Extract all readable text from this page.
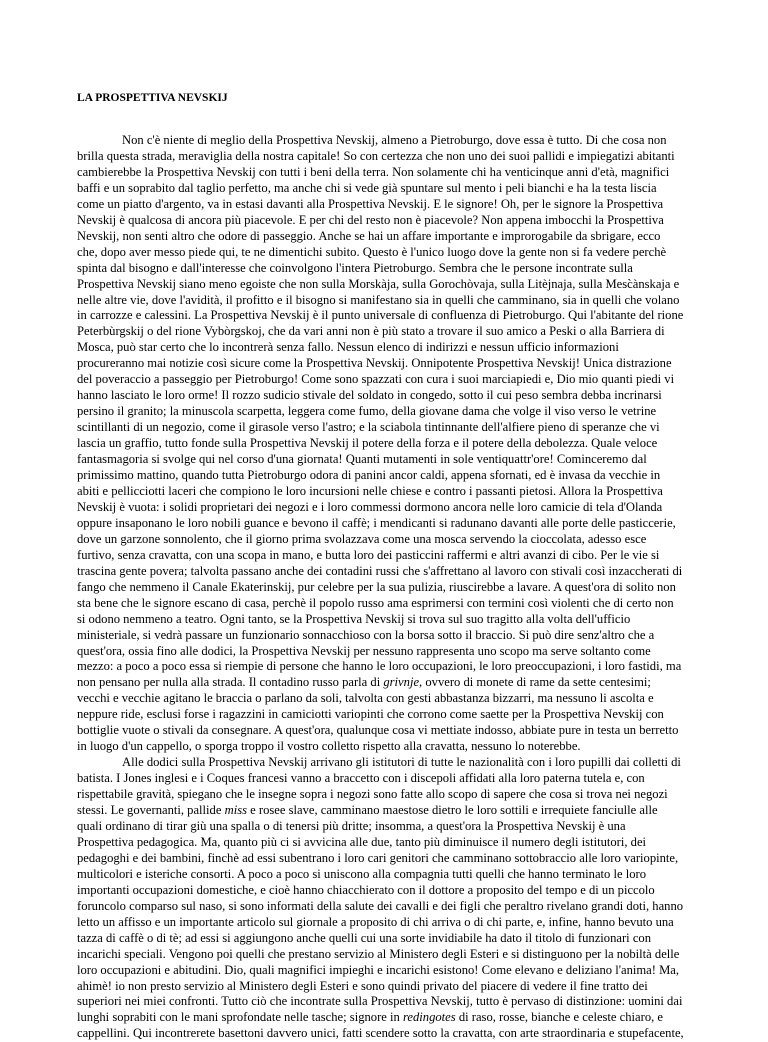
LA PROSPETTIVA NEVSKIJ
Non c'è niente di meglio della Prospettiva Nevskij, almeno a Pietroburgo, dove essa è tutto. Di che cosa non
brilla questa strada, meraviglia della nostra capitale! So con certezza che non uno dei suoi pallidi e impiegatizi abitanti
cambierebbe la Prospettiva Nevskij con tutti i beni della terra. Non solamente chi ha venticinque anni d'età, magnifici
baffi e un soprabito dal taglio perfetto, ma anche chi si vede già spuntare sul mento i peli bianchi e ha la testa liscia
come un piatto d'argento, va in estasi davanti alla Prospettiva Nevskij. E le signore! Oh, per le signore la Prospettiva
Nevskij è qualcosa di ancora più piacevole. E per chi del resto non è piacevole? Non appena imbocchi la Prospettiva
Nevskij, non senti altro che odore di passeggio. Anche se hai un affare importante e improrogabile da sbrigare, ecco
che, dopo aver messo piede qui, te ne dimentichi subito. Questo è l'unico luogo dove la gente non si fa vedere perchè
spinta dal bisogno e dall'interesse che coinvolgono l'intera Pietroburgo. Sembra che le persone incontrate sulla
Prospettiva Nevskij siano meno egoiste che non sulla Morskàja, sulla Gorochòvaja, sulla Litèjnaja, sulla Mesc̀ànskaja e
nelle altre vie, dove l'avidità, il profitto e il bisogno si manifestano sia in quelli che camminano, sia in quelli che volano
in carrozze e calessini. La Prospettiva Nevskij è il punto universale di confluenza di Pietroburgo. Qui l'abitante del rione
Peterbùrgskij o del rione Vybòrgskoj, che da vari anni non è più stato a trovare il suo amico a Peski o alla Barriera di
Mosca, può star certo che lo incontrerà senza fallo. Nessun elenco di indirizzi e nessun ufficio informazioni
procureranno mai notizie così sicure come la Prospettiva Nevskij. Onnipotente Prospettiva Nevskij! Unica distrazione
del poveraccio a passeggio per Pietroburgo! Come sono spazzati con cura i suoi marciapiedi e, Dio mio quanti piedi vi
hanno lasciato le loro orme! Il rozzo sudicio stivale del soldato in congedo, sotto il cui peso sembra debba incrinarsi
persino il granito; la minuscola scarpetta, leggera come fumo, della giovane dama che volge il viso verso le vetrine
scintillanti di un negozio, come il girasole verso l'astro; e la sciabola tintinnante dell'alfiere pieno di speranze che vi
lascia un graffio, tutto fonde sulla Prospettiva Nevskij il potere della forza e il potere della debolezza. Quale veloce
fantasmagoria si svolge qui nel corso d'una giornata! Quanti mutamenti in sole ventiquattr'ore! Cominceremo dal
primissimo mattino, quando tutta Pietroburgo odora di panini ancor caldi, appena sfornati, ed è invasa da vecchie in
abiti e pellicciotti laceri che compiono le loro incursioni nelle chiese e contro i passanti pietosi. Allora la Prospettiva
Nevskij è vuota: i solidi proprietari dei negozi e i loro commessi dormono ancora nelle loro camicie di tela d'Olanda
oppure insaponano le loro nobili guance e bevono il caffè; i mendicanti si radunano davanti alle porte delle pasticcerie,
dove un garzone sonnolento, che il giorno prima svolazzava come una mosca servendo la cioccolata, adesso esce
furtivo, senza cravatta, con una scopa in mano, e butta loro dei pasticcini raffermi e altri avanzi di cibo. Per le vie si
trascina gente povera; talvolta passano anche dei contadini russi che s'affrettano al lavoro con stivali così inzaccherati di
fango che nemmeno il Canale Ekaterinskij, pur celebre per la sua pulizia, riuscirebbe a lavare. A quest'ora di solito non
sta bene che le signore escano di casa, perchè il popolo russo ama esprimersi con termini così violenti che di certo non
si odono nemmeno a teatro. Ogni tanto, se la Prospettiva Nevskij si trova sul suo tragitto alla volta dell'ufficio
ministeriale, si vedrà passare un funzionario sonnacchioso con la borsa sotto il braccio. Si può dire senz'altro che a
quest'ora, ossia fino alle dodici, la Prospettiva Nevskij per nessuno rappresenta uno scopo ma serve soltanto come
mezzo: a poco a poco essa si riempie di persone che hanno le loro occupazioni, le loro preoccupazioni, i loro fastidi, ma
non pensano per nulla alla strada. Il contadino russo parla di grivnje, ovvero di monete di rame da sette centesimi;
vecchi e vecchie agitano le braccia o parlano da soli, talvolta con gesti abbastanza bizzarri, ma nessuno li ascolta e
neppure ride, esclusi forse i ragazzini in camiciotti variopinti che corrono come saette per la Prospettiva Nevskij con
bottiglie vuote o stivali da consegnare. A quest'ora, qualunque cosa vi mettiate indosso, abbiate pure in testa un berretto
in luogo d'un cappello, o sporga troppo il vostro colletto rispetto alla cravatta, nessuno lo noterebbe.
Alle dodici sulla Prospettiva Nevskij arrivano gli istitutori di tutte le nazionalità con i loro pupilli dai colletti di
batista. I Jones inglesi e i Coques francesi vanno a braccetto con i discepoli affidati alla loro paterna tutela e, con
rispettabile gravità, spiegano che le insegne sopra i negozi sono fatte allo scopo di sapere che cosa si trova nei negozi
stessi. Le governanti, pallide miss e rosee slave, camminano maestose dietro le loro sottili e irrequiete fanciulle alle
quali ordinano di tirar giù una spalla o di tenersi più dritte; insomma, a quest'ora la Prospettiva Nevskij è una
Prospettiva pedagogica. Ma, quanto più ci si avvicina alle due, tanto più diminuisce il numero degli istitutori, dei
pedagoghi e dei bambini, finchè ad essi subentrano i loro cari genitori che camminano sottobraccio alle loro variopinte,
multicolori e isteriche consorti. A poco a poco si uniscono alla compagnia tutti quelli che hanno terminato le loro
importanti occupazioni domestiche, e cioè hanno chiacchierato con il dottore a proposito del tempo e di un piccolo
foruncolo comparso sul naso, si sono informati della salute dei cavalli e dei figli che peraltro rivelano grandi doti, hanno
letto un affisso e un importante articolo sul giornale a proposito di chi arriva o di chi parte, e, infine, hanno bevuto una
tazza di caffè o di tè; ad essi si aggiungono anche quelli cui una sorte invidiabile ha dato il titolo di funzionari con
incarichi speciali. Vengono poi quelli che prestano servizio al Ministero degli Esteri e si distinguono per la nobiltà delle
loro occupazioni e abitudini. Dio, quali magnifici impieghi e incarichi esistono! Come elevano e deliziano l'anima! Ma,
ahimè! io non presto servizio al Ministero degli Esteri e sono quindi privato del piacere di vedere il fine tratto dei
superiori nei miei confronti. Tutto ciò che incontrate sulla Prospettiva Nevskij, tutto è pervaso di distinzione: uomini dai
lunghi soprabiti con le mani sprofondate nelle tasche; signore in redingotes di raso, rosse, bianche e celeste chiaro, e
cappellini. Qui incontrerete basettoni davvero unici, fatti scendere sotto la cravatta, con arte straordinaria e stupefacente,
